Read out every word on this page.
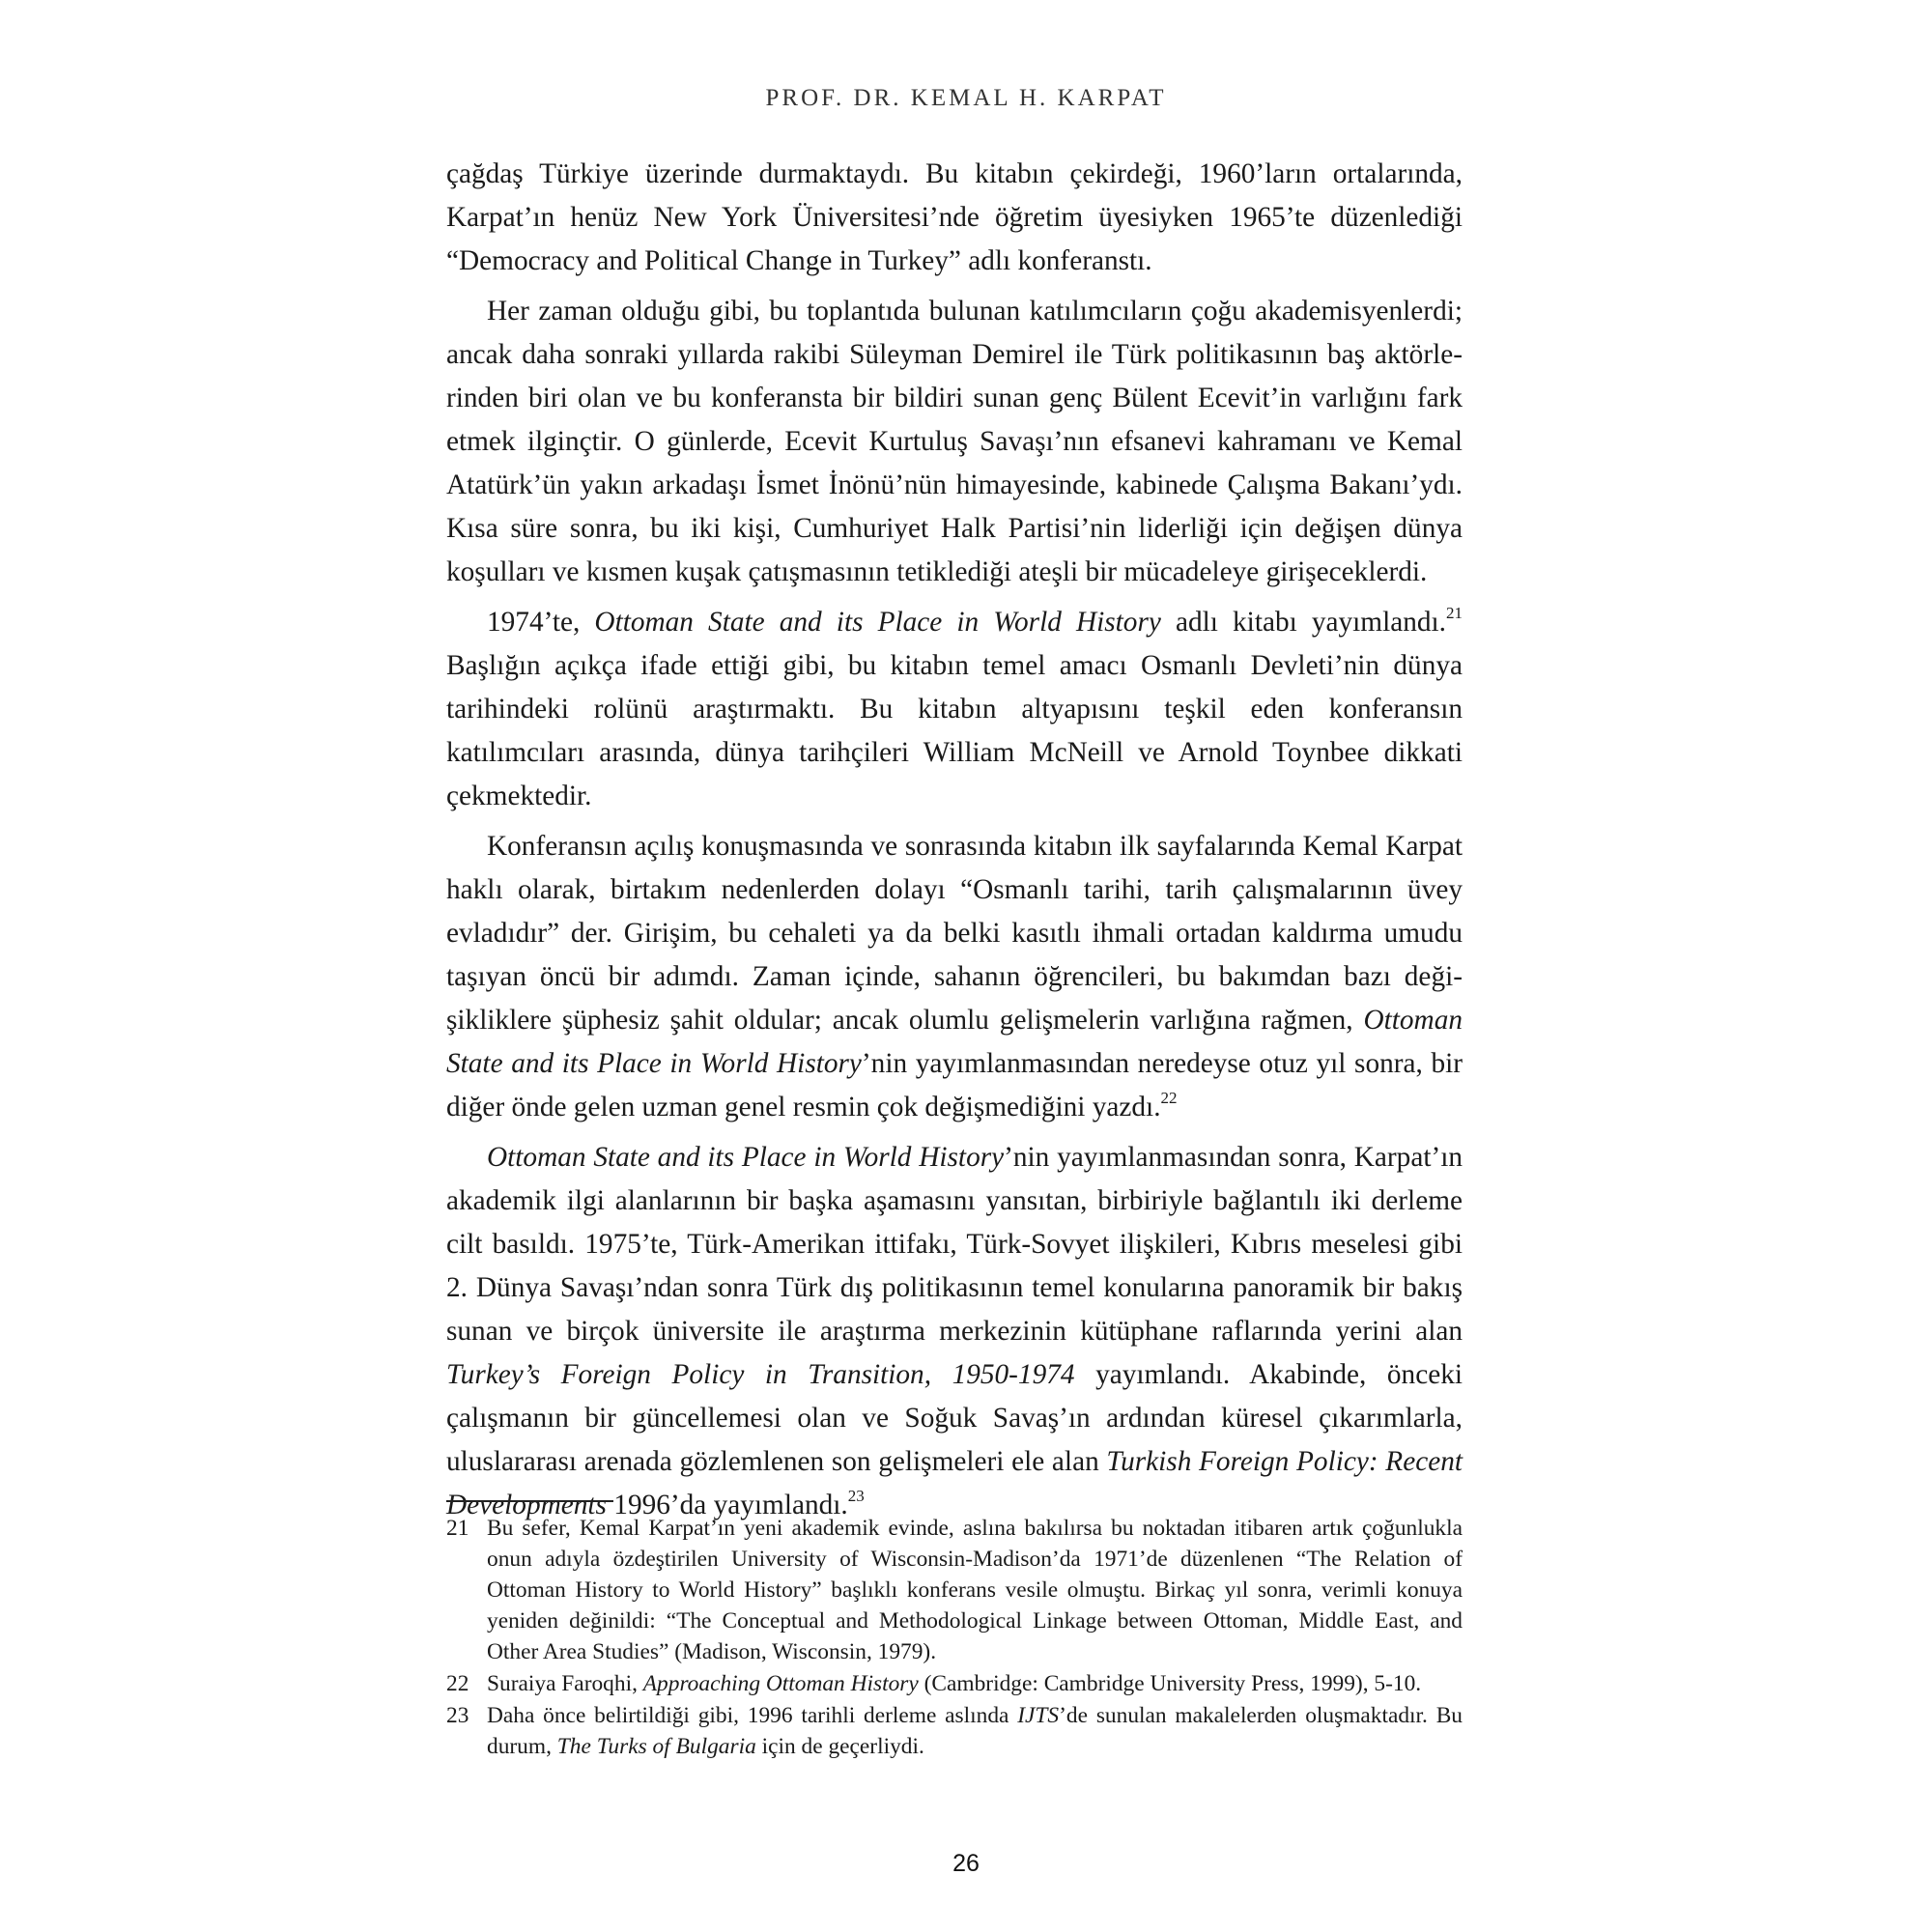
PROF. DR. KEMAL H. KARPAT

çağdaş Türkiye üzerinde durmaktaydı. Bu kitabın çekirdeği, 1960’ların ortalarında, Karpat’ın henüz New York Üniversitesi’nde öğretim üyesiyken 1965’te düzenlediği “Democracy and Political Change in Turkey” adlı konferanstı.

Her zaman olduğu gibi, bu toplantıda bulunan katılımcıların çoğu akademisyenlerdi; ancak daha sonraki yıllarda rakibi Süleyman Demirel ile Türk politikasının baş aktörlerinden biri olan ve bu konferansta bir bildiri sunan genç Bülent Ecevit’in varlığını fark etmek ilginçtir. O günlerde, Ecevit Kurtuluş Savaşı’nın efsanevi kahramanı ve Kemal Atatürk’ün yakın arkadaşı İsmet İnönü’nün himayesinde, kabinede Çalışma Bakanı’ydı. Kısa süre sonra, bu iki kişi, Cumhuriyet Halk Partisi’nin liderliği için değişen dünya koşulları ve kısmen kuşak çatışmasının tetiklediği ateşli bir mücadeleye girişeceklerdi.

1974’te, Ottoman State and its Place in World History adlı kitabı yayımlandı.$^{21}$ Başlığın açıkça ifade ettiği gibi, bu kitabın temel amacı Osmanlı Devleti’nin dünya tarihindeki rolünü araştırmaktı. Bu kitabın altyapısını teşkil eden konferansın katılımcıları arasında, dünya tarihçileri William McNeill ve Arnold Toynbee dikkati çekmektedir.

Konferansın açılış konuşmasında ve sonrasında kitabın ilk sayfalarında Kemal Karpat haklı olarak, birtakım nedenlerden dolayı “Osmanlı tarihi, tarih çalışmalarının üvey evladıdır” der. Girişim, bu cehaleti ya da belki kasıtlı ihmali ortadan kaldırma umudu taşıyan öncü bir adımdı. Zaman içinde, sahanın öğrencileri, bu bakımdan bazı değişikliklere şüphesiz şahit oldular; ancak olumlu gelişmelerin varlığına rağmen, Ottoman State and its Place in World History’nin yayımlanmasından neredeyse otuz yıl sonra, bir diğer önde gelen uzman genel resmin çok değişmediğini yazdı.$^{22}$

Ottoman State and its Place in World History’nin yayımlanmasından sonra, Karpat’ın akademik ilgi alanlarının bir başka aşamasını yansıtan, birbiriyle bağlantılı iki derleme cilt basıldı. 1975’te, Türk-Amerikan ittifakı, Türk-Sovyet ilişkileri, Kıbrıs meselesi gibi 2. Dünya Savaşı’ndan sonra Türk dış politikasının temel konularına panoramik bir bakış sunan ve birçok üniversite ile araştırma merkezinin kütüphane raflarında yerini alan Turkey’s Foreign Policy in Transition, 1950-1974 yayımlandı. Akabinde, önceki çalışmanın bir güncellemesi olan ve Soğuk Savaş’ın ardından küresel çıkarımlarla, uluslararası arenada gözlemlenen son gelişmeleri ele alan Turkish Foreign Policy: Recent Developments 1996’da yayımlandı.$^{23}$

21 Bu sefer, Kemal Karpat’ın yeni akademik evinde, aslına bakılırsa bu noktadan itibaren artık çoğunlukla onun adıyla özdeştirilen University of Wisconsin-Madison’da 1971’de düzenlenen “The Relation of Ottoman History to World History” başlıklı konferans vesile olmuştu. Birkaç yıl sonra, verimli konuya yeniden değinildi: “The Conceptual and Methodological Linkage between Ottoman, Middle East, and Other Area Studies” (Madison, Wisconsin, 1979).
22 Suraiya Faroqhi, Approaching Ottoman History (Cambridge: Cambridge University Press, 1999), 5-10.
23 Daha önce belirtildiği gibi, 1996 tarihli derleme aslında IJTS’de sunulan makalelerden oluşmaktadır. Bu durum, The Turks of Bulgaria için de geçerliydi.
26
